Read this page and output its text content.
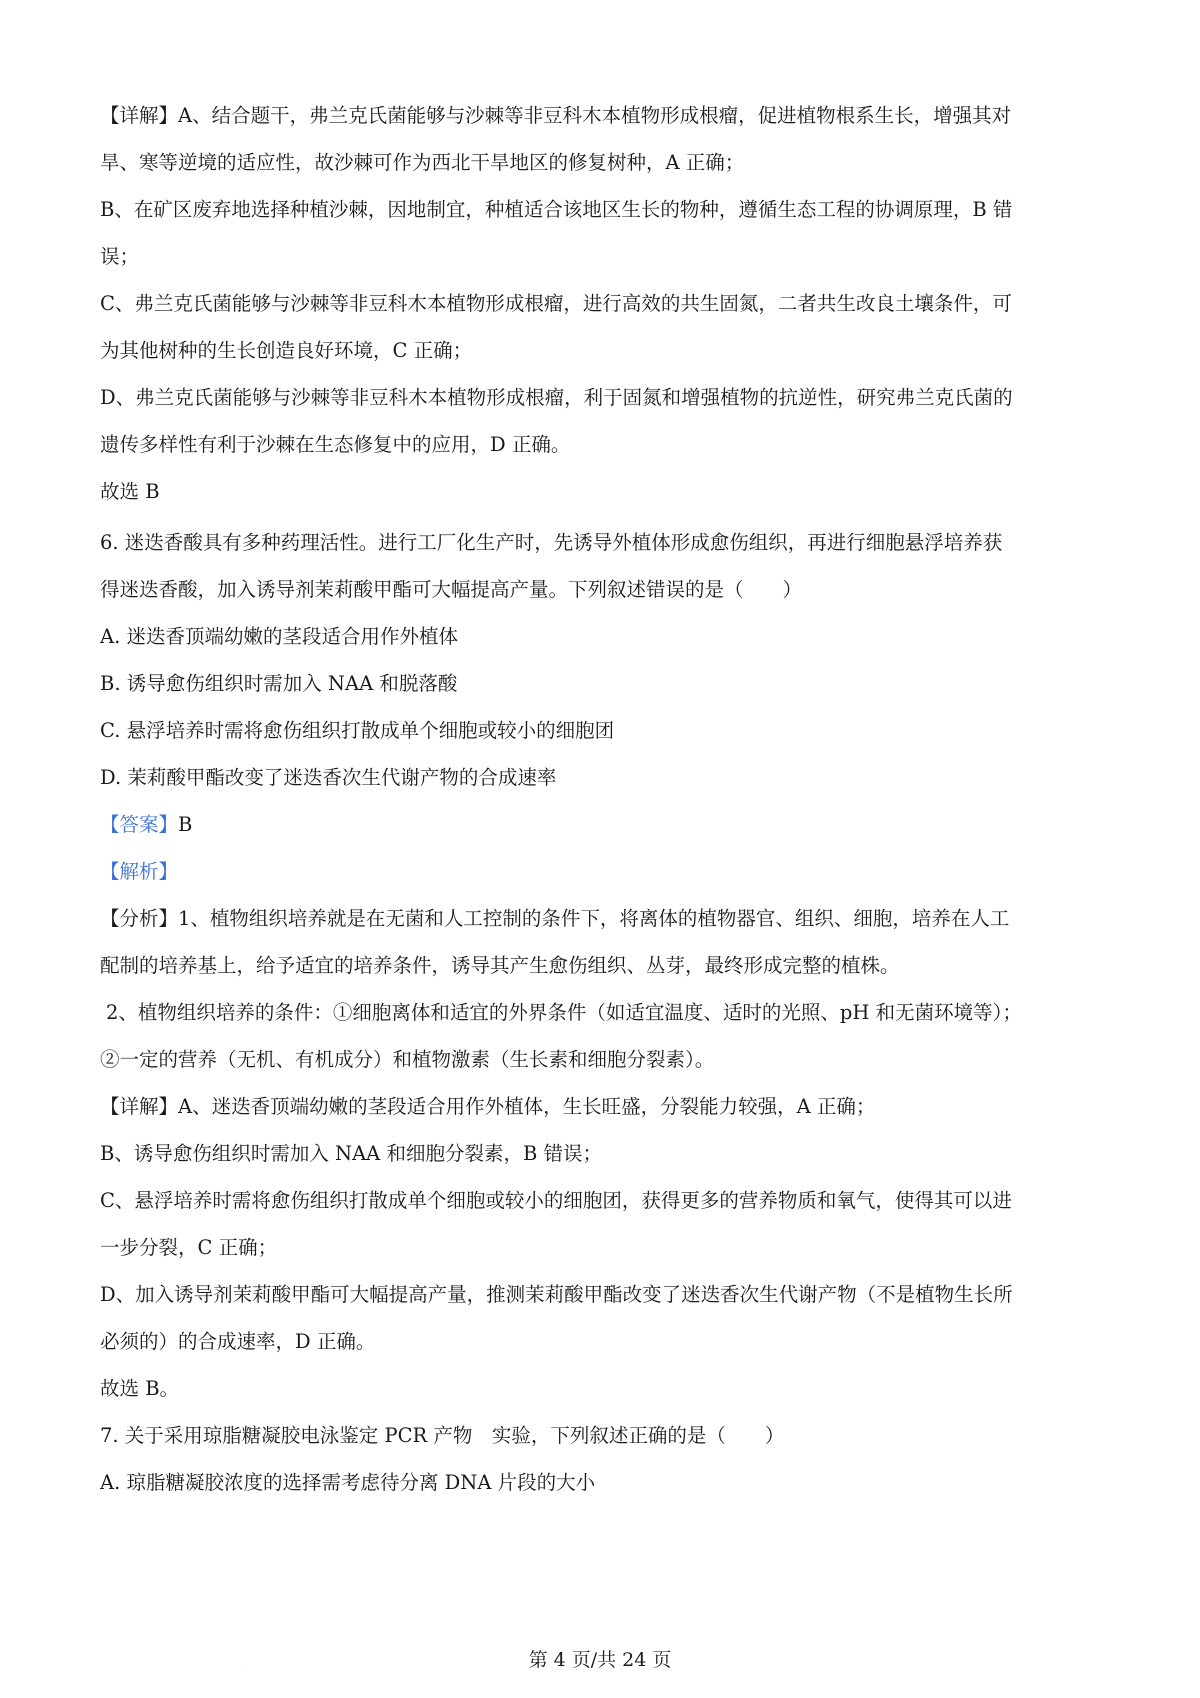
【详解】A、结合题干，弗兰克氏菌能够与沙棘等非豆科木本植物形成根瘤，促进植物根系生长，增强其对
旱、寒等逆境的适应性，故沙棘可作为西北干旱地区的修复树种，A 正确；
B、在矿区废弃地选择种植沙棘，因地制宜，种植适合该地区生长的物种，遵循生态工程的协调原理，B 错
误；
C、弗兰克氏菌能够与沙棘等非豆科木本植物形成根瘤，进行高效的共生固氮，二者共生改良土壤条件，可
为其他树种的生长创造良好环境，C 正确；
D、弗兰克氏菌能够与沙棘等非豆科木本植物形成根瘤，利于固氮和增强植物的抗逆性，研究弗兰克氏菌的
遗传多样性有利于沙棘在生态修复中的应用，D 正确。
故选 B
6. 迷迭香酸具有多种药理活性。进行工厂化生产时，先诱导外植体形成愈伤组织，再进行细胞悬浮培养获
得迷迭香酸，加入诱导剂茉莉酸甲酯可大幅提高产量。下列叙述错误的是（　　）
A. 迷迭香顶端幼嫩的茎段适合用作外植体
B. 诱导愈伤组织时需加入 NAA 和脱落酸
C. 悬浮培养时需将愈伤组织打散成单个细胞或较小的细胞团
D. 茉莉酸甲酯改变了迷迭香次生代谢产物的合成速率
【答案】B
【解析】
【分析】1、植物组织培养就是在无菌和人工控制的条件下，将离体的植物器官、组织、细胞，培养在人工
配制的培养基上，给予适宜的培养条件，诱导其产生愈伤组织、丛芽，最终形成完整的植株。
2、植物组织培养的条件：①细胞离体和适宜的外界条件（如适宜温度、适时的光照、pH 和无菌环境等）；
②一定的营养（无机、有机成分）和植物激素（生长素和细胞分裂素）。
【详解】A、迷迭香顶端幼嫩的茎段适合用作外植体，生长旺盛，分裂能力较强，A 正确；
B、诱导愈伤组织时需加入 NAA 和细胞分裂素，B 错误；
C、悬浮培养时需将愈伤组织打散成单个细胞或较小的细胞团，获得更多的营养物质和氧气，使得其可以进
一步分裂，C 正确；
D、加入诱导剂茉莉酸甲酯可大幅提高产量，推测茉莉酸甲酯改变了迷迭香次生代谢产物（不是植物生长所
必须的）的合成速率，D 正确。
故选 B。
7. 关于采用琼脂糖凝胶电泳鉴定 PCR 产物　实验，下列叙述正确的是（　　）
A. 琼脂糖凝胶浓度的选择需考虑待分离 DNA 片段的大小
·	第 4 页/共 24 页
